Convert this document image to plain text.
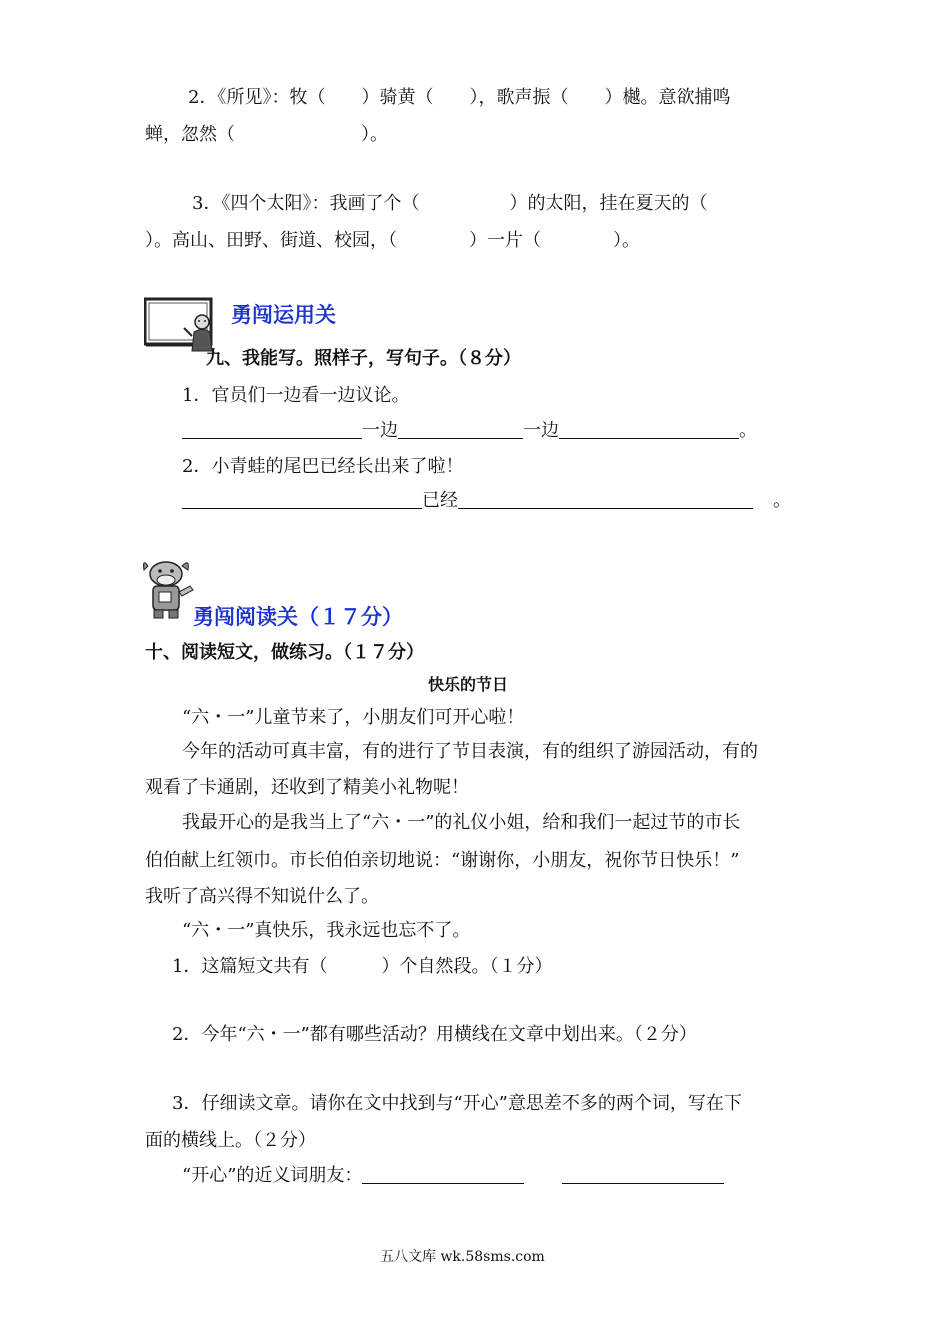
2．《所见》：牧（　　）骑黄（　　），歌声振（　　）樾。意欲捕鸣
蝉，忽然（　　　　　　　）。
3．《四个太阳》：我画了个（　　　　　）的太阳，挂在夏天的（
）。高山、田野、街道、校园，（　　　　）一片（　　　　）。
勇闯运用关
九、我能写。照样子，写句子。（８分）
1．官员们一边看一边议论。
一边	一边	。
2．小青蛙的尾巴已经长出来了啦！
已经	。
勇闯阅读关（１７分）
十、阅读短文，做练习。（１７分）
快乐的节日
“六・一”儿童节来了，小朋友们可开心啦！
今年的活动可真丰富，有的进行了节目表演，有的组织了游园活动，有的
观看了卡通剧，还收到了精美小礼物呢！
我最开心的是我当上了“六・一”的礼仪小姐，给和我们一起过节的市长
伯伯献上红领巾。市长伯伯亲切地说：“谢谢你，小朋友，祝你节日快乐！”
我听了高兴得不知说什么了。
“六・一”真快乐，我永远也忘不了。
1．这篇短文共有（　　　）个自然段。（１分）
2．今年“六・一”都有哪些活动？用横线在文章中划出来。（２分）
3．仔细读文章。请你在文中找到与“开心”意思差不多的两个词，写在下
面的横线上。（２分）
“开心”的近义词朋友：
五八文库 wk.58sms.com
